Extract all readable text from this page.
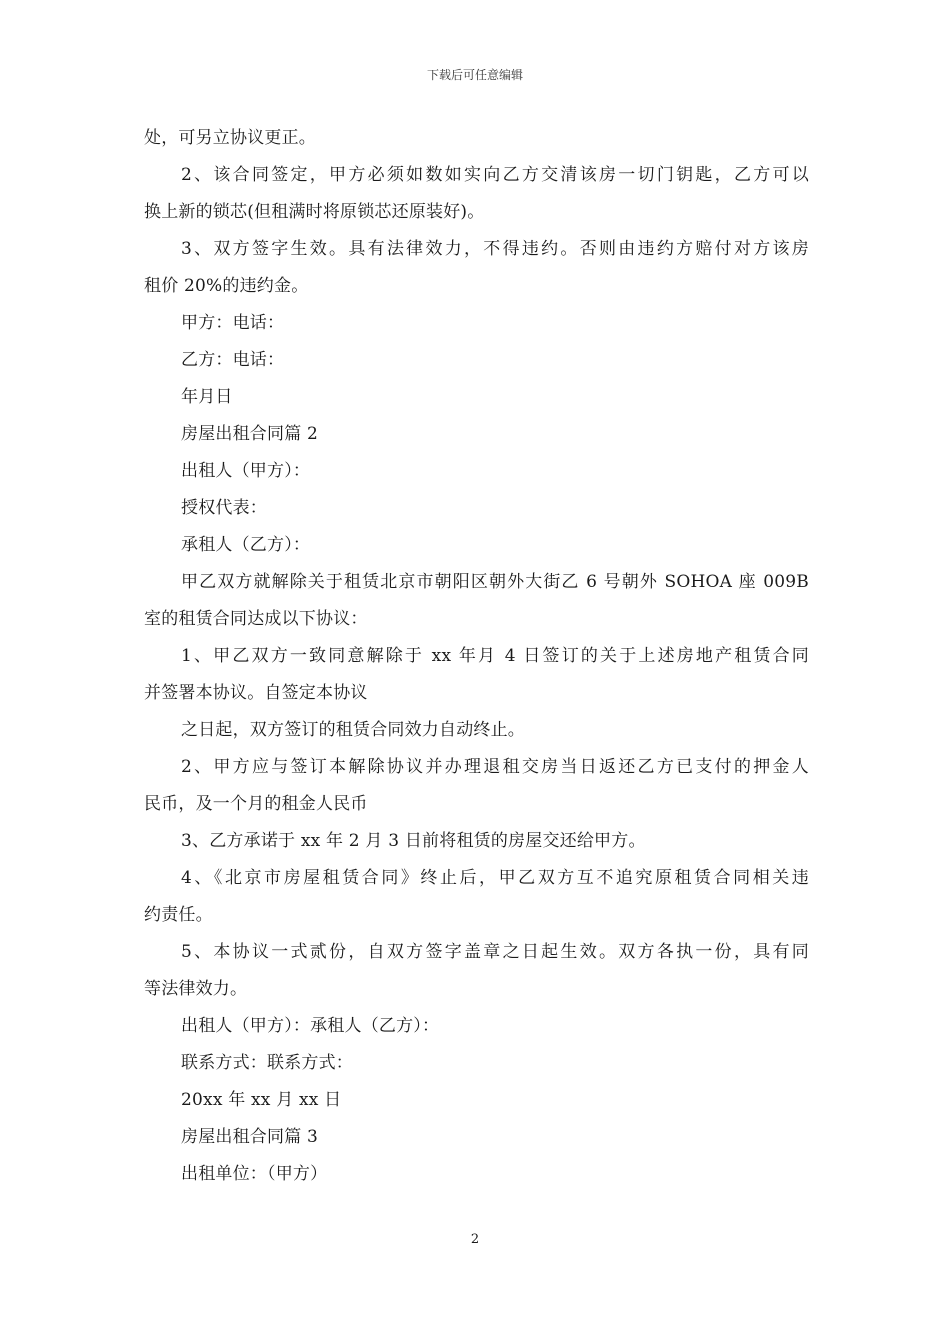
下载后可任意编辑
处，可另立协议更正。
2、该合同签定，甲方必须如数如实向乙方交清该房一切门钥匙，乙方可以
换上新的锁芯(但租满时将原锁芯还原装好)。
3、双方签字生效。具有法律效力，不得违约。否则由违约方赔付对方该房
租价 20%的违约金。
甲方：电话：
乙方：电话：
年月日
房屋出租合同篇 2
出租人（甲方）：
授权代表：
承租人（乙方）：
甲乙双方就解除关于租赁北京市朝阳区朝外大街乙 6 号朝外 SOHOA 座 009B
室的租赁合同达成以下协议：
1、甲乙双方一致同意解除于 xx 年月 4 日签订的关于上述房地产租赁合同
并签署本协议。自签定本协议
之日起，双方签订的租赁合同效力自动终止。
2、甲方应与签订本解除协议并办理退租交房当日返还乙方已支付的押金人
民币，及一个月的租金人民币
3、乙方承诺于 xx 年 2 月 3 日前将租赁的房屋交还给甲方。
4、《北京市房屋租赁合同》终止后，甲乙双方互不追究原租赁合同相关违
约责任。
5、本协议一式贰份，自双方签字盖章之日起生效。双方各执一份，具有同
等法律效力。
出租人（甲方）：承租人（乙方）：
联系方式：联系方式：
20xx 年 xx 月 xx 日
房屋出租合同篇 3
出租单位：（甲方）
2
